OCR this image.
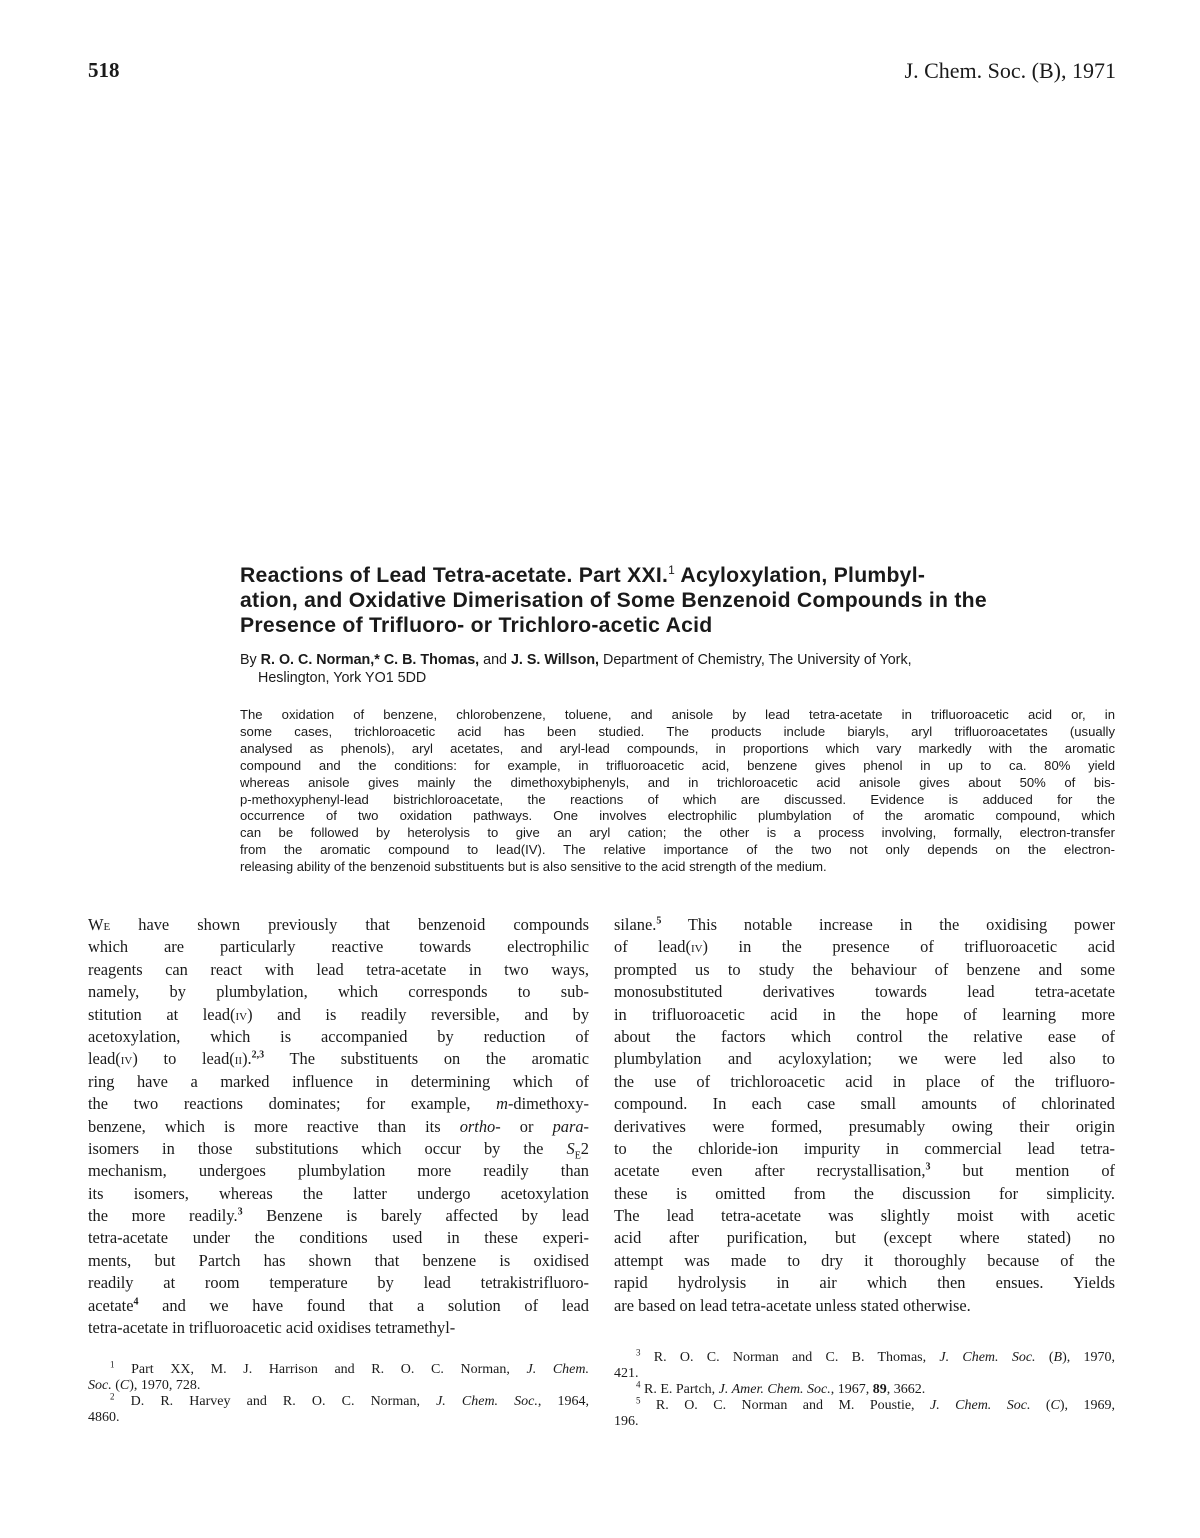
518	J. Chem. Soc. (B), 1971
Reactions of Lead Tetra-acetate. Part XXI.$^1$ Acyloxylation, Plumbyl-
ation, and Oxidative Dimerisation of Some Benzenoid Compounds in the
Presence of Trifluoro- or Trichloro-acetic Acid
By R. O. C. Norman,* C. B. Thomas, and J. S. Willson, Department of Chemistry, The University of York,
Heslington, York YO1 5DD
The oxidation of benzene, chlorobenzene, toluene, and anisole by lead tetra-acetate in trifluoroacetic acid or, in
some cases, trichloroacetic acid has been studied. The products include biaryls, aryl trifluoroacetates (usually
analysed as phenols), aryl acetates, and aryl-lead compounds, in proportions which vary markedly with the aromatic
compound and the conditions: for example, in trifluoroacetic acid, benzene gives phenol in up to ca. 80% yield
whereas anisole gives mainly the dimethoxybiphenyls, and in trichloroacetic acid anisole gives about 50% of bis-
p-methoxyphenyl-lead bistrichloroacetate, the reactions of which are discussed. Evidence is adduced for the
occurrence of two oxidation pathways. One involves electrophilic plumbylation of the aromatic compound, which
can be followed by heterolysis to give an aryl cation; the other is a process involving, formally, electron-transfer
from the aromatic compound to lead(IV). The relative importance of the two not only depends on the electron-
releasing ability of the benzenoid substituents but is also sensitive to the acid strength of the medium.
We have shown previously that benzenoid compounds
which are particularly reactive towards electrophilic
reagents can react with lead tetra-acetate in two ways,
namely, by plumbylation, which corresponds to sub-
stitution at lead(iv) and is readily reversible, and by
acetoxylation, which is accompanied by reduction of
lead(iv) to lead(ii).$^{2,3}$ The substituents on the aromatic
ring have a marked influence in determining which of
the two reactions dominates; for example, m-dimethoxy-
benzene, which is more reactive than its ortho- or para-
isomers in those substitutions which occur by the $S_E2$
mechanism, undergoes plumbylation more readily than
its isomers, whereas the latter undergo acetoxylation
the more readily.$^3$ Benzene is barely affected by lead
tetra-acetate under the conditions used in these experi-
ments, but Partch has shown that benzene is oxidised
readily at room temperature by lead tetrakistrifluoro-
acetate$^4$ and we have found that a solution of lead
tetra-acetate in trifluoroacetic acid oxidises tetramethyl-
silane.$^5$ This notable increase in the oxidising power
of lead(iv) in the presence of trifluoroacetic acid
prompted us to study the behaviour of benzene and some
monosubstituted derivatives towards lead tetra-acetate
in trifluoroacetic acid in the hope of learning more
about the factors which control the relative ease of
plumbylation and acyloxylation; we were led also to
the use of trichloroacetic acid in place of the trifluoro-
compound. In each case small amounts of chlorinated
derivatives were formed, presumably owing their origin
to the chloride-ion impurity in commercial lead tetra-
acetate even after recrystallisation,$^3$ but mention of
these is omitted from the discussion for simplicity.
The lead tetra-acetate was slightly moist with acetic
acid after purification, but (except where stated) no
attempt was made to dry it thoroughly because of the
rapid hydrolysis in air which then ensues. Yields
are based on lead tetra-acetate unless stated otherwise.
$^1$ Part XX, M. J. Harrison and R. O. C. Norman, J. Chem.
Soc. (C), 1970, 728.
$^2$ D. R. Harvey and R. O. C. Norman, J. Chem. Soc., 1964,
4860.
$^3$ R. O. C. Norman and C. B. Thomas, J. Chem. Soc. (B), 1970,
421.
$^4$ R. E. Partch, J. Amer. Chem. Soc., 1967, 89, 3662.
$^5$ R. O. C. Norman and M. Poustie, J. Chem. Soc. (C), 1969,
196.
